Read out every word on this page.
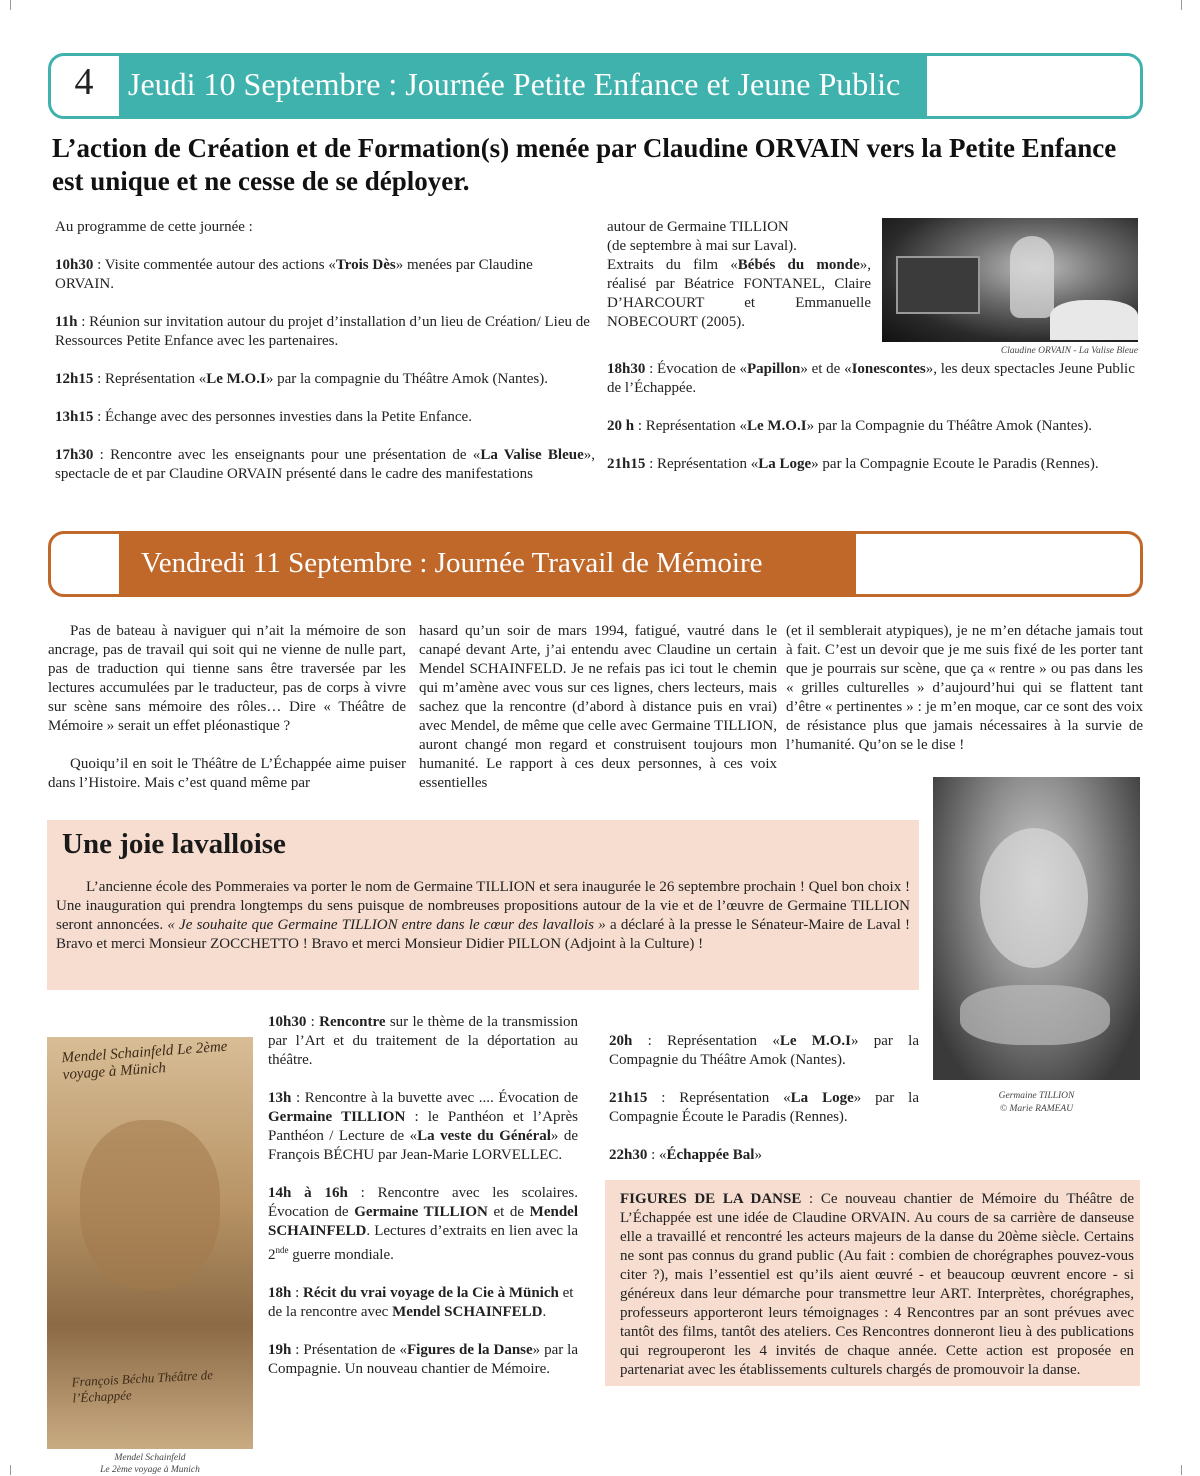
4	Jeudi 10 Septembre : Journée Petite Enfance et Jeune Public
L’action de Création et de Formation(s) menée par Claudine ORVAIN vers la Petite Enfance est unique et ne cesse de se déployer.

Au programme de cette journée :

10h30 : Visite commentée autour des actions «Trois Dès» menées par Claudine ORVAIN.

11h : Réunion sur invitation autour du projet d’installation d’un lieu de Création/ Lieu de Ressources Petite Enfance avec les partenaires.

12h15 : Représentation «Le M.O.I» par la compagnie du Théâtre Amok (Nantes).

13h15 : Échange avec des personnes investies dans la Petite Enfance.

17h30 : Rencontre avec les enseignants pour une présentation de «La Valise Bleue», spectacle de et par Claudine ORVAIN présenté dans le cadre des manifestations

autour de Germaine TILLION
(de septembre à mai sur Laval).
Extraits du film «Bébés du monde», réalisé par Béatrice FONTANEL, Claire D’HARCOURT et Emmanuelle NOBECOURT (2005).
Claudine ORVAIN - La Valise Bleue

18h30 : Évocation de «Papillon» et de «Ionescontes», les deux spectacles Jeune Public de l’Échappée.

20 h : Représentation «Le M.O.I» par la Compagnie du Théâtre Amok (Nantes).

21h15 : Représentation «La Loge» par la Compagnie Ecoute le Paradis (Rennes).

Vendredi 11 Septembre : Journée Travail de Mémoire

Pas de bateau à naviguer qui n’ait la mémoire de son ancrage, pas de travail qui soit qui ne vienne de nulle part, pas de traduction qui tienne sans être traversée par les lectures accumulées par le traducteur, pas de corps à vivre sur scène sans mémoire des rôles… Dire « Théâtre de Mémoire » serait un effet pléonastique ?

Quoiqu’il en soit le Théâtre de L’Échappée aime puiser dans l’Histoire. Mais c’est quand même par

hasard qu’un soir de mars 1994, fatigué, vautré dans le canapé devant Arte, j’ai entendu avec Claudine un certain Mendel SCHAINFELD. Je ne refais pas ici tout le chemin qui m’amène avec vous sur ces lignes, chers lecteurs, mais sachez que la rencontre (d’abord à distance puis en vrai) avec Mendel, de même que celle avec Germaine TILLION, auront changé mon regard et construisent toujours mon humanité. Le rapport à ces deux personnes, à ces voix essentielles
(et il semblerait atypiques), je ne m’en détache jamais tout à fait. C’est un devoir que je me suis fixé de les porter tant que je pourrais sur scène, que ça « rentre » ou pas dans les « grilles culturelles » d’aujourd’hui qui se flattent tant d’être « pertinentes » : je m’en moque, car ce sont des voix de résistance plus que jamais nécessaires à la survie de l’humanité. Qu’on se le dise !
Une joie lavalloise

L’ancienne école des Pommeraies va porter le nom de Germaine TILLION et sera inaugurée le 26 septembre prochain ! Quel bon choix ! Une inauguration qui prendra longtemps du sens puisque de nombreuses propositions autour de la vie et de l’œuvre de Germaine TILLION seront annoncées. « Je souhaite que Germaine TILLION entre dans le cœur des lavallois » a déclaré à la presse le Sénateur-Maire de Laval ! Bravo et merci Monsieur ZOCCHETTO ! Bravo et merci Monsieur Didier PILLON (Adjoint à la Culture) !

Germaine TILLION
© Marie RAMEAU
Mendel Schainfeld Le 2ème voyage à Münich
François Béchu Théâtre de l’Échappée
Mendel Schainfeld
Le 2ème voyage à Munich

10h30 : Rencontre sur le thème de la transmission par l’Art et du traitement de la déportation au théâtre.

13h : Rencontre à la buvette avec .... Évocation de Germaine TILLION : le Panthéon et l’Après Panthéon / Lecture de «La veste du Général» de François BÉCHU par Jean-Marie LORVELLEC.

14h à 16h : Rencontre avec les scolaires. Évocation de Germaine TILLION et de Mendel SCHAINFELD. Lectures d’extraits en lien avec la 2nde guerre mondiale.

18h : Récit du vrai voyage de la Cie à Münich et de la rencontre avec Mendel SCHAINFELD.

19h : Présentation de «Figures de la Danse» par la Compagnie. Un nouveau chantier de Mémoire.

20h : Représentation «Le M.O.I» par la Compagnie du Théâtre Amok (Nantes).

21h15 : Représentation «La Loge» par la Compagnie Écoute le Paradis (Rennes).

22h30 : «Échappée Bal»

FIGURES DE LA DANSE : Ce nouveau chantier de Mémoire du Théâtre de L’Échappée est une idée de Claudine ORVAIN. Au cours de sa carrière de danseuse elle a travaillé et rencontré les acteurs majeurs de la danse du 20ème siècle. Certains ne sont pas connus du grand public (Au fait : combien de chorégraphes pouvez-vous citer ?), mais l’essentiel est qu’ils aient œuvré - et beaucoup œuvrent encore - si généreux dans leur démarche pour transmettre leur ART. Interprètes, chorégraphes, professeurs apporteront leurs témoignages : 4 Rencontres par an sont prévues avec tantôt des films, tantôt des ateliers. Ces Rencontres donneront lieu à des publications qui regrouperont les 4 invités de chaque année. Cette action est proposée en partenariat avec les établissements culturels chargés de promouvoir la danse.
